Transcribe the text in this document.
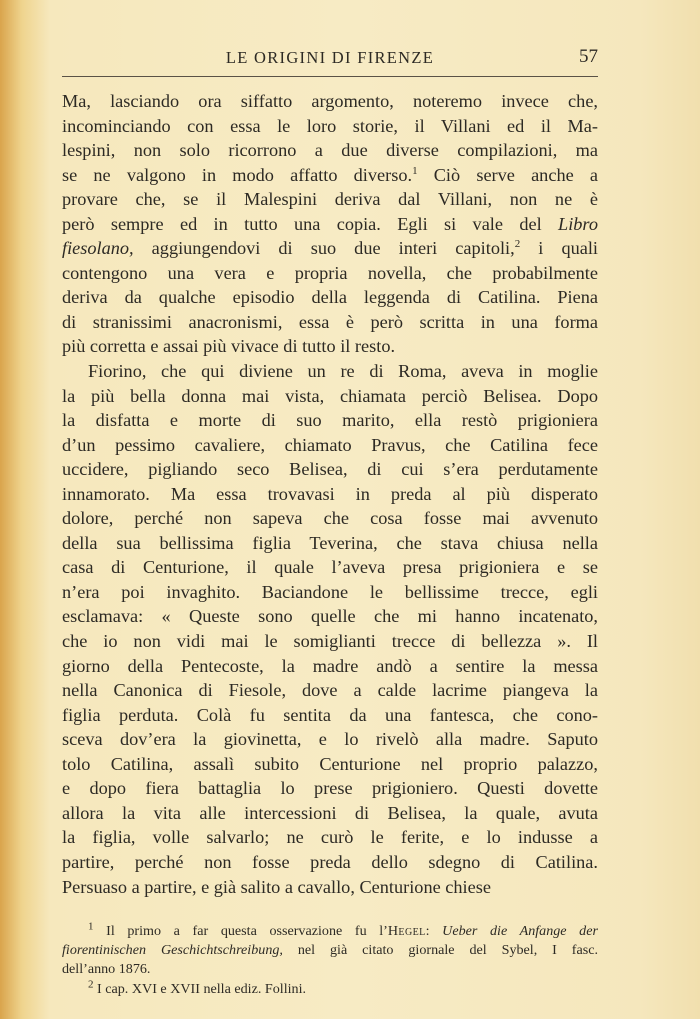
LE ORIGINI DI FIRENZE	57
Ma, lasciando ora siffatto argomento, noteremo invece che,
incominciando con essa le loro storie, il Villani ed il Ma-
lespini, non solo ricorrono a due diverse compilazioni, ma
se ne valgono in modo affatto diverso.$^1$ Ciò serve anche a
provare che, se il Malespini deriva dal Villani, non ne è
però sempre ed in tutto una copia. Egli si vale del Libro
fiesolano, aggiungendovi di suo due interi capitoli,$^2$ i quali
contengono una vera e propria novella, che probabilmente
deriva da qualche episodio della leggenda di Catilina. Piena
di stranissimi anacronismi, essa è però scritta in una forma
più corretta e assai più vivace di tutto il resto.
Fiorino, che qui diviene un re di Roma, aveva in moglie
la più bella donna mai vista, chiamata perciò Belisea. Dopo
la disfatta e morte di suo marito, ella restò prigioniera
d’un pessimo cavaliere, chiamato Pravus, che Catilina fece
uccidere, pigliando seco Belisea, di cui s’era perdutamente
innamorato. Ma essa trovavasi in preda al più disperato
dolore, perché non sapeva che cosa fosse mai avvenuto
della sua bellissima figlia Teverina, che stava chiusa nella
casa di Centurione, il quale l’aveva presa prigioniera e se
n’era poi invaghito. Baciandone le bellissime trecce, egli
esclamava: « Queste sono quelle che mi hanno incatenato,
che io non vidi mai le somiglianti trecce di bellezza ». Il
giorno della Pentecoste, la madre andò a sentire la messa
nella Canonica di Fiesole, dove a calde lacrime piangeva la
figlia perduta. Colà fu sentita da una fantesca, che cono-
sceva dov’era la giovinetta, e lo rivelò alla madre. Saputo
tolo Catilina, assalì subito Centurione nel proprio palazzo,
e dopo fiera battaglia lo prese prigioniero. Questi dovette
allora la vita alle intercessioni di Belisea, la quale, avuta
la figlia, volle salvarlo; ne curò le ferite, e lo indusse a
partire, perché non fosse preda dello sdegno di Catilina.
Persuaso a partire, e già salito a cavallo, Centurione chiese
$^1$ Il primo a far questa osservazione fu l’Hegel: Ueber die Anfange der
fiorentinischen Geschichtschreibung, nel già citato giornale del Sybel, I fasc.
dell’anno 1876.
$^2$ I cap. XVI e XVII nella ediz. Follini.
